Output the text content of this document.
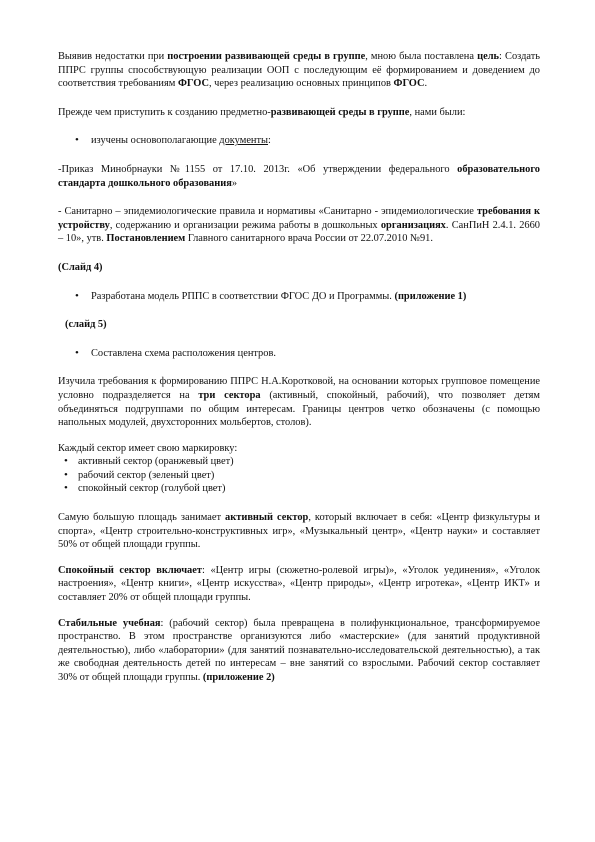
Выявив недостатки при построении развивающей среды в группе, мною была поставлена цель: Создать ППРС группы способствующую реализации ООП с последующим её формированием и доведением до соответствия требованиям ФГОС, через реализацию основных принципов ФГОС.

Прежде чем приступить к созданию предметно-развивающей среды в группе, нами были:

• изучены основополагающие документы:

-Приказ Минобрнауки №1155 от 17.10. 2013г. «Об утверждении федерального образовательного стандарта дошкольного образования»

- Санитарно – эпидемиологические правила и нормативы «Санитарно - эпидемиологические требования к устройству, содержанию и организации режима работы в дошкольных организациях. СанПиН 2.4.1. 2660 – 10», утв. Постановлением Главного санитарного врача России от 22.07.2010 №91.

(Слайд 4)

• Разработана модель РППС в соответствии ФГОС ДО и Программы. (приложение 1)

(слайд 5)

• Составлена схема расположения центров.

Изучила требования к формированию ППРС Н.А.Коротковой, на основании которых групповое помещение условно подразделяется на три сектора (активный, спокойный, рабочий), что позволяет детям объединяться подгруппами по общим интересам. Границы центров четко обозначены (с помощью напольных модулей, двухсторонних мольбертов, столов).

Каждый сектор имеет свою маркировку:

• активный сектор (оранжевый цвет)

• рабочий сектор (зеленый цвет)

• спокойный сектор (голубой цвет)

Самую большую площадь занимает активный сектор, который включает в себя: «Центр физкультуры и спорта», «Центр строительно-конструктивных игр», «Музыкальный центр», «Центр науки» и составляет 50% от общей площади группы.

Спокойный сектор включает: «Центр игры (сюжетно-ролевой игры)», «Уголок уединения», «Уголок настроения», «Центр книги», «Центр искусства», «Центр природы», «Центр игротека», «Центр ИКТ» и составляет 20% от общей площади группы.

Стабильные учебная: (рабочий сектор) была превращена в полифункциональное, трансформируемое пространство. В этом пространстве организуются либо «мастерские» (для занятий продуктивной деятельностью), либо «лаборатории» (для занятий познавательно-исследовательской деятельностью), а так же свободная деятельность детей по интересам – вне занятий со взрослыми. Рабочий сектор составляет 30% от общей площади группы. (приложение 2)
